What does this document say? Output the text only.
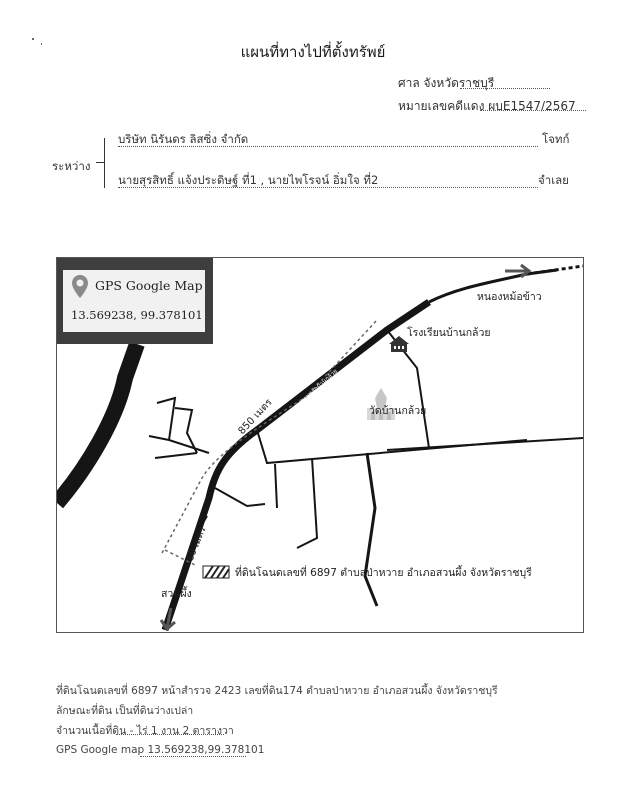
แผนที่ทางไปที่ตั้งทรัพย์
ศาล จังหวัดราชบุรี
หมายเลขคดีแดง ผบE1547/2567
ระหว่าง
บริษัท นิรันดร ลิสซิ่ง จำกัด	โจทก์
นายสุรสิทธิ์ แจ้งประดิษฐ์ ที่1 , นายไพโรจน์ อิ่มใจ ที่2	จำเลย
GPS Google Map
13.569238, 99.378101
ภาษี
หนองหม้อข้าว
โรงเรียนบ้านกล้วย
วัดบ้านกล้วย
850 เมตร
80 เมตร
ถนนสายหลักบ้านกล้วย
ที่ดินโฉนดเลขที่ 6897 ตำบลป่าหวาย อำเภอสวนผึ้ง จังหวัดราชบุรี
สวนผึ้ง
ที่ดินโฉนดเลขที่ 6897 หน้าสำรวจ 2423 เลขที่ดิน174 ตำบลป่าหวาย อำเภอสวนผึ้ง จังหวัดราชบุรี
ลักษณะที่ดิน เป็นที่ดินว่างเปล่า
จำนวนเนื้อที่ดิน - ไร่ 1 งาน 2 ตารางวา
GPS Google map 13.569238,99.378101
